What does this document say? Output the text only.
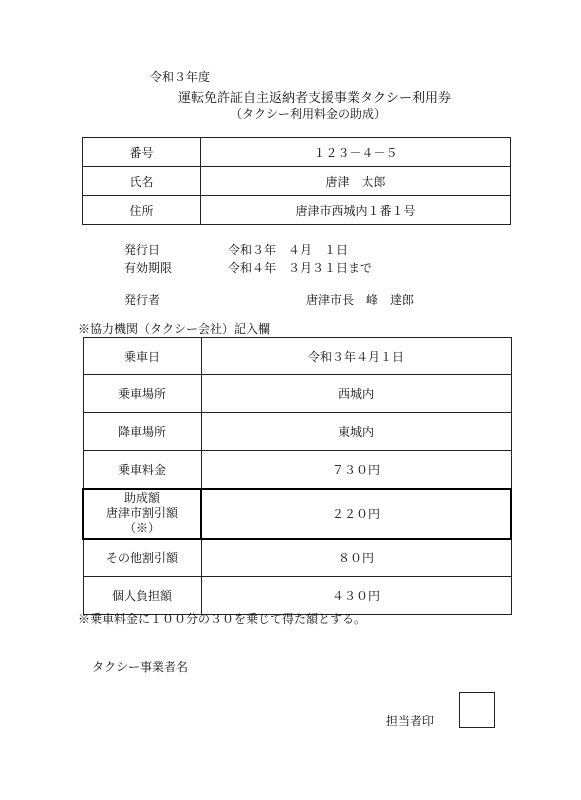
令和３年度
運転免許証自主返納者支援事業タクシー利用券
（タクシー利用料金の助成）
番号	１２３－４－５
氏名	唐津　太郎
住所	唐津市西城内１番１号
発行日	令和３年　４月　１日
有効期限	令和４年　３月３１日まで
発行者	唐津市長　峰　達郎
※協力機関（タクシー会社）記入欄
乗車日	令和３年４月１日
乗車場所	西城内
降車場所	東城内
乗車料金	７３０円

助成額
唐津市割引額
（※）	２２０円
その他割引額	８０円
個人負担額	４３０円
※乗車料金に１００分の３０を乗じて得た額とする。
タクシー事業者名
担当者印
